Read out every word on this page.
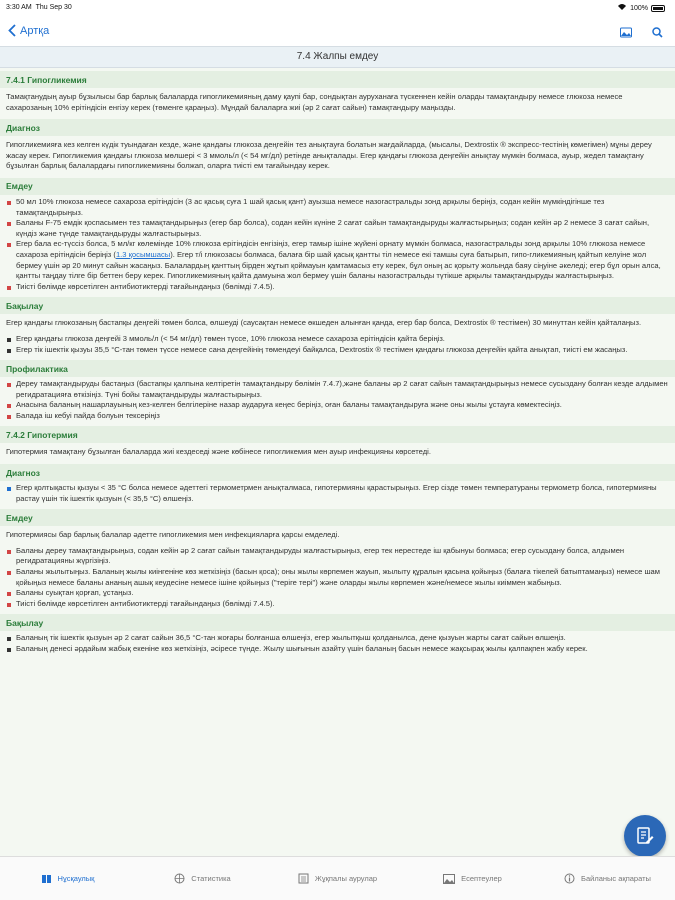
3:30 AM Thu Sep 30	100%
Артқа
7.4 Жалпы емдеу
7.4.1 Гипогликемия
Тамақтанудың ауыр бұзылысы бар барлық балаларда гипогликемияның даму қаупі бар, сондықтан ауруханаға түскеннен кейін оларды тамақтандыру немесе глюкоза немесе сахарозаның 10% ерітіндісін енгізу керек (төменге қараңыз). Мұндай балаларға жиі (әр 2 сағат сайын) тамақтандыру маңызды.
Диагноз
Гипогликемияға кез келген күдік туындаған кезде, және қандағы глюкоза деңгейін тез анықтауға болатын жағдайларда, (мысалы, Dextrostix ® экспресс-тестінің көмегімен) мұны дереу жасау керек. Гипогликемия қандағы глюкоза мөлшері < 3 ммоль/л (< 54 мг/дл) ретінде анықталады. Егер қандағы глюкоза деңгейін анықтау мүмкін болмаса, ауыр, жедел тамақтану бұзылған барлық балалардағы гипогликемияны болжап, оларға тиісті ем тағайындау керек.
Емдеу
50 мл 10% глюкоза немесе сахароза ерітіндісін (3 ас қасық суға 1 шай қасық қант) ауызша немесе назогастральды зонд арқылы беріңіз, содан кейін мүмкіндігінше тез тамақтандырыңыз.
Баланы F-75 емдік қоспасымен тез тамақтандырыңыз (егер бар болса), содан кейін күніне 2 сағат сайын тамақтандыруды жалғастырыңыз; содан кейін әр 2 немесе 3 сағат сайын, күндіз және түнде тамақтандыруды жалғастырыңыз.
Егер бала ес-түссіз болса, 5 мл/кг көлемінде 10% глюкоза ерітіндісін енгізіңіз, егер тамыр ішіне жүйені орнату мүмкін болмаса, назогастральды зонд арқылы 10% глюкоза немесе сахароза ерітіндісін беріңіз (1.3 қосымшасы). Егер т/і глюкозасы болмаса, балаға бір шай қасық қантты тіл немесе екі тамшы суға батырып, гипо-гликемияның қайтып келуіне жол бермеу үшін әр 20 минут сайын жасаңыз. Балалардың қанттың бірден жұтып қоймауын қамтамасыз ету керек, бұл оның ас қорыту жолында баяу сіңуіне әкеледі; егер бұл орын алса, қантты таңдау тілге бір беттен беру керек. Гипогликемияның қайта дамуына жол бермеу үшін баланы назогастральды түтікше арқылы тамақтандыруды жалғастырыңыз.
Тиісті бөлімде көрсетілген антибиотиктерді тағайындаңыз (бөлімді 7.4.5).
Бақылау
Егер қандағы глюкозаның бастапқы деңгейі төмен болса, өлшеуді (саусақтан немесе өкшеден алынған қанда, егер бар болса, Dextrostix ® тестімен) 30 минуттан кейін қайталаңыз.
Егер қандағы глюкоза деңгейі 3 ммоль/л (< 54 мг/дл) төмен түссе, 10% глюкоза немесе сахароза ерітіндісін қайта беріңіз.
Егер тік ішектік қызуы 35,5 °C-тан төмен түссе немесе сана деңгейінің төмендеуі байқалса, Dextrostix ® тестімен қандағы глюкоза деңгейін қайта анықтап, тиісті ем жасаңыз.
Профилактика
Дереу тамақтандыруды бастаңыз (бастапқы қалпына келтіретін тамақтандыру бөлімін 7.4.7),және баланы әр 2 сағат сайын тамақтандырыңыз немесе сусыздану болған кезде алдымен регидратацияға өткізіңіз. Түні бойы тамақтандыруды жалғастырыңыз.
Анасына баланың нашарлауының кез-келген белгілеріне назар аударуға кеңес беріңіз, оған баланы тамақтандыруға және оны жылы ұстауға көмектесіңіз.
Балада іш кебуі пайда болуын тексеріңіз
7.4.2 Гипотермия
Гипотермия тамақтану бұзылған балаларда жиі кездеседі және көбінесе гипогликемия мен ауыр инфекцияны көрсетеді.
Диагноз
Егер қолтықасты қызуы < 35 °C болса немесе әдеттегі термометрмен анықталмаса, гипотермияны қарастырыңыз. Егер сізде төмен температураны термометр болса, гипотермияны растау үшін тік ішектік қызуын (< 35,5 °C) өлшеңіз.
Емдеу
Гипотермиясы бар барлық балалар әдетте гипогликемия мен инфекцияларға қарсы емделеді.
Баланы дереу тамақтандырыңыз, содан кейін әр 2 сағат сайын тамақтандыруды жалғастырыңыз, егер тек нерестеде іш қабынуы болмаса; егер сусыздану болса, алдымен регидратацияны жүргізіңіз.
Баланы жылытыңыз. Баланың жылы киінгеніне көз жеткізіңіз (басын қоса); оны жылы көрпемен жауып, жылыту құралын қасына қойыңыз (балаға тікелей батыптамаңыз) немесе шам қойыңыз немесе баланы ананың ашық кеудесіне немесе ішіне қойыңыз ("теріге тері") және оларды жылы көрпемен және/немесе жылы киіммен жабыңыз.
Баланы суықтан қорғап, ұстаңыз.
Тиісті бөлімде көрсетілген антибиотиктерді тағайындаңыз (бөлімді 7.4.5).
Бақылау
Баланың тік ішектік қызуын әр 2 сағат сайын 36,5 °C-тан жоғары болғанша өлшеңіз, егер жылытқыш қолданылса, дене қызуын жарты сағат сайын өлшеңіз.
Баланың денесі әрдайым жабық екеніне көз жеткізіңіз, әсіресе түнде. Жылу шығынын азайту үшін баланың басын немесе жақсырақ жылы қалпақпен жабу керек.
Нұсқаулық	Статистика	Жұқпалы аурулар	Есептеулер	Байланыс ақпараты
